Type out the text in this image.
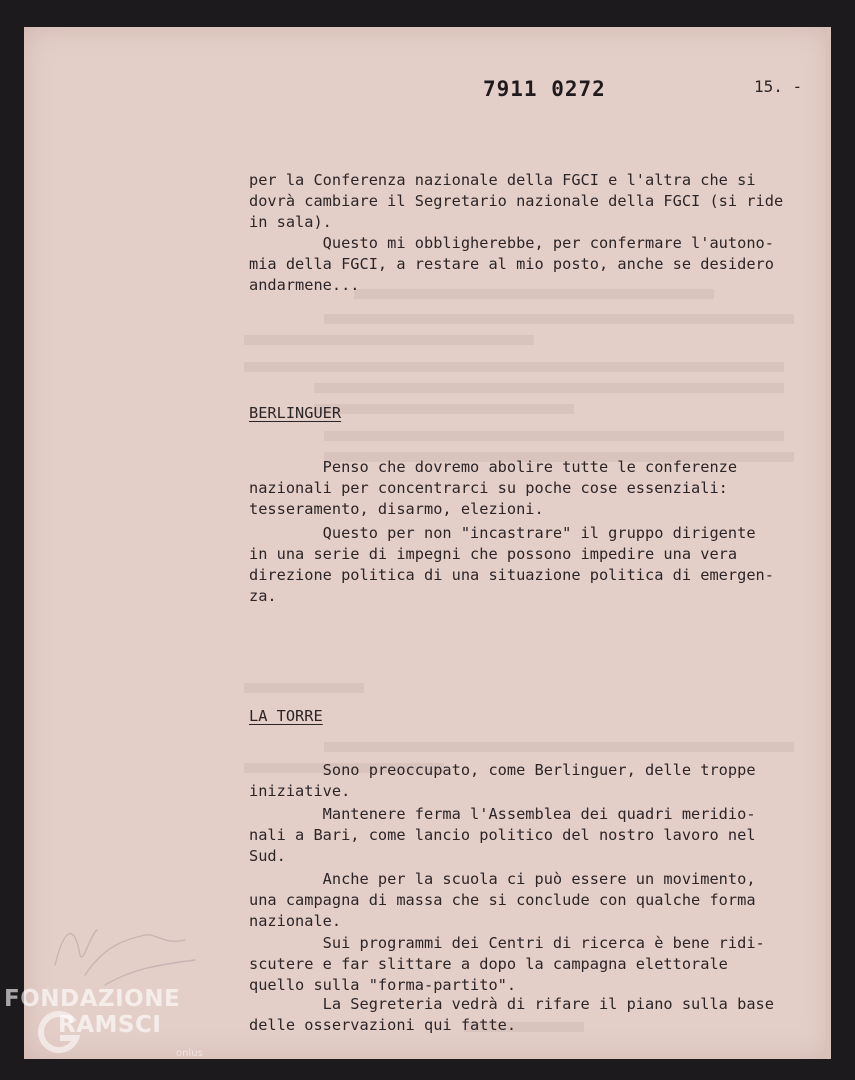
7911 0272	15. -
per la Conferenza nazionale della FGCI e l'altra che si
dovrà cambiare il Segretario nazionale della FGCI (si ride
in sala).
Questo mi obbligherebbe, per confermare l'autono-
mia della FGCI, a restare al mio posto, anche se desidero
andarmene...
BERLINGUER
Penso che dovremo abolire tutte le conferenze
nazionali per concentrarci su poche cose essenziali:
tesseramento, disarmo, elezioni.
Questo per non "incastrare" il gruppo dirigente
in una serie di impegni che possono impedire una vera
direzione politica di una situazione politica di emergen-
za.
LA TORRE
Sono preoccupato, come Berlinguer, delle troppe
iniziative.
Mantenere ferma l'Assemblea dei quadri meridio-
nali a Bari, come lancio politico del nostro lavoro nel
Sud.
Anche per la scuola ci può essere un movimento,
una campagna di massa che si conclude con qualche forma
nazionale.
Sui programmi dei Centri di ricerca è bene ridi-
scutere e far slittare a dopo la campagna elettorale
quello sulla "forma-partito".
La Segreteria vedrà di rifare il piano sulla base
delle osservazioni qui fatte.
FONDAZIONE
RAMSCI
onlus
